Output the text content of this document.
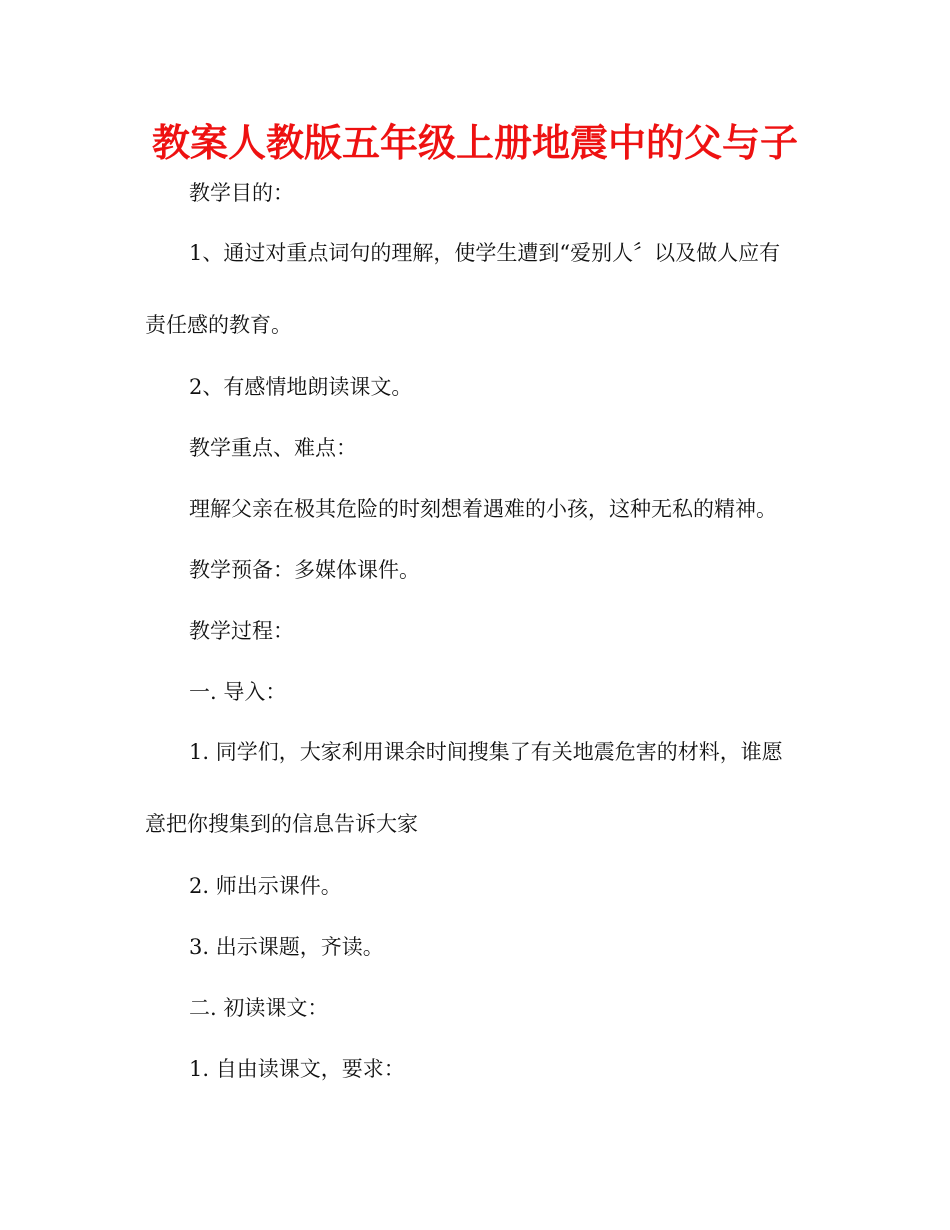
教案人教版五年级上册地震中的父与子
教学目的：
1、通过对重点词句的理解，使学生遭到“爱别人〞以及做人应有
责任感的教育。
2、有感情地朗读课文。
教学重点、难点：
理解父亲在极其危险的时刻想着遇难的小孩，这种无私的精神。
教学预备：多媒体课件。
教学过程：
一. 导入：
1. 同学们，大家利用课余时间搜集了有关地震危害的材料，谁愿
意把你搜集到的信息告诉大家
2. 师出示课件。
3. 出示课题，齐读。
二. 初读课文：
1. 自由读课文，要求：
